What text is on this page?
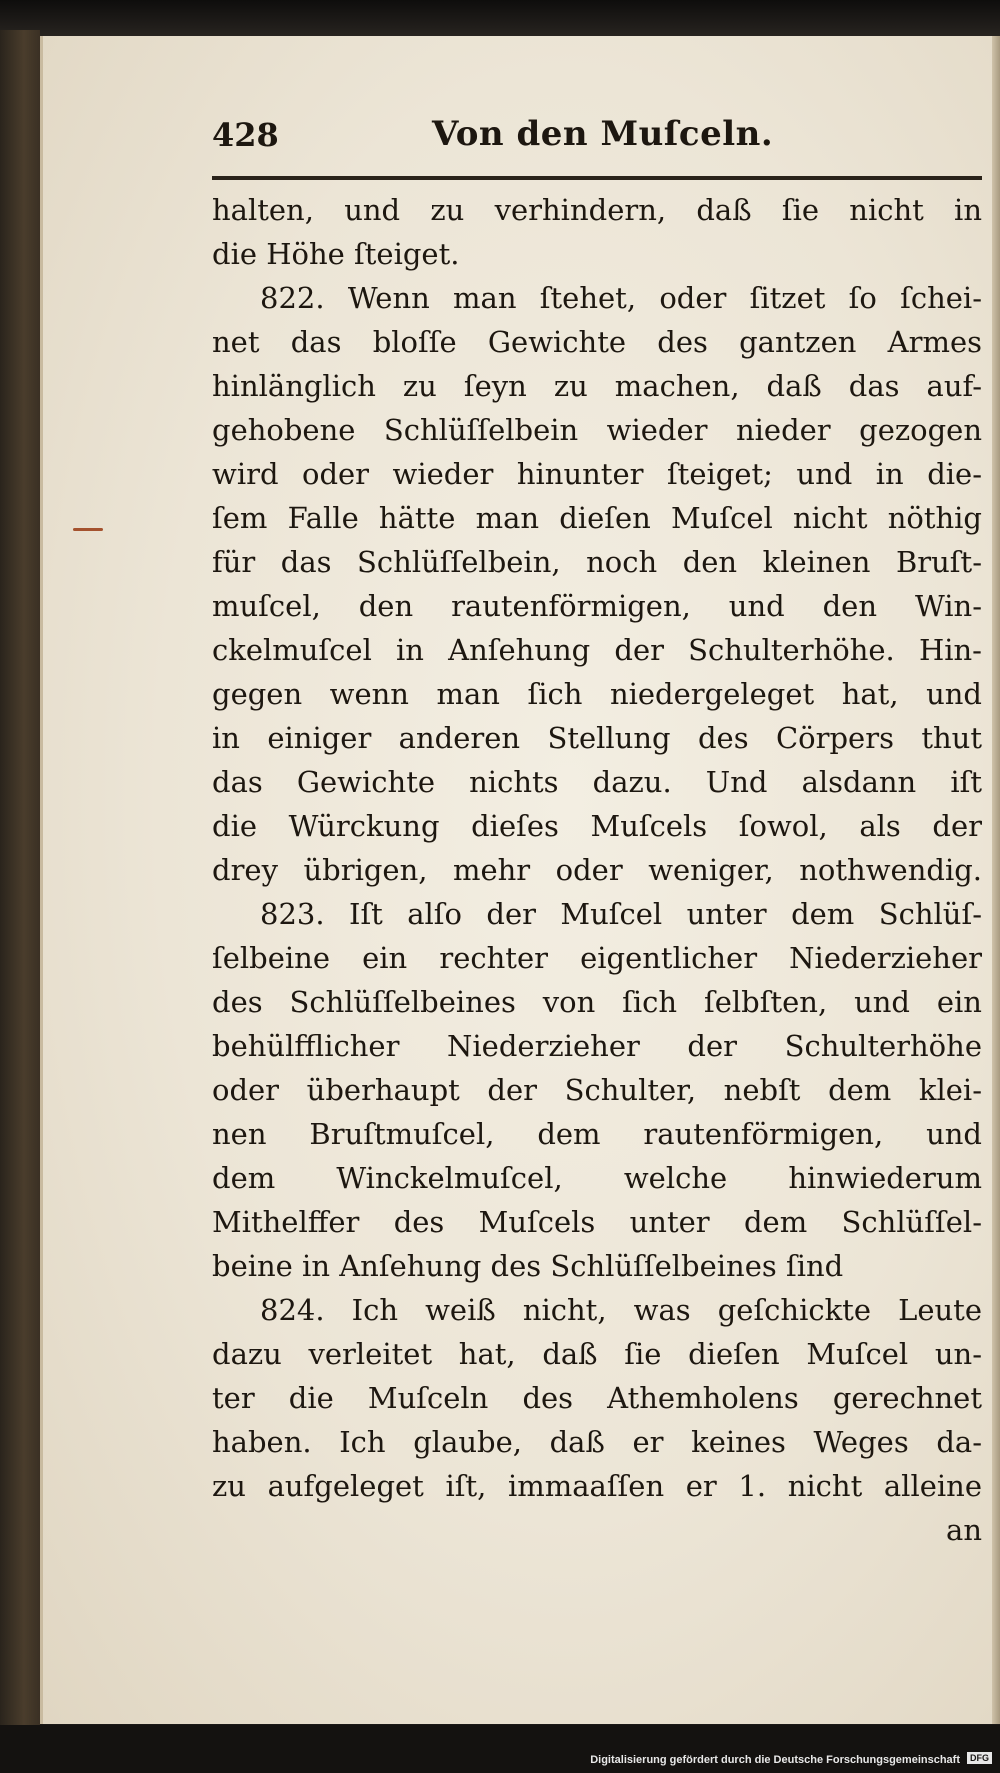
428	Von den Muſceln.
halten, und zu verhindern, daß ſie nicht in
die Höhe ſteiget.
822. Wenn man ſtehet, oder ſitzet ſo ſchei-
net das bloſſe Gewichte des gantzen Armes
hinlänglich zu ſeyn zu machen, daß das auf-
gehobene Schlüſſelbein wieder nieder gezogen
wird oder wieder hinunter ſteiget; und in die-
ſem Falle hätte man dieſen Muſcel nicht nöthig
für das Schlüſſelbein, noch den kleinen Bruſt-
muſcel, den rautenförmigen, und den Win-
ckelmuſcel in Anſehung der Schulterhöhe. Hin-
gegen wenn man ſich niedergeleget hat, und
in einiger anderen Stellung des Cörpers thut
das Gewichte nichts dazu. Und alsdann iſt
die Würckung dieſes Muſcels ſowol, als der
drey übrigen, mehr oder weniger, nothwendig.
823. Iſt alſo der Muſcel unter dem Schlüſ-
ſelbeine ein rechter eigentlicher Niederzieher
des Schlüſſelbeines von ſich ſelbſten, und ein
behülfflicher Niederzieher der Schulterhöhe
oder überhaupt der Schulter, nebſt dem klei-
nen Bruſtmuſcel, dem rautenförmigen, und
dem Winckelmuſcel, welche hinwiederum
Mithelffer des Muſcels unter dem Schlüſſel-
beine in Anſehung des Schlüſſelbeines ſind
824. Ich weiß nicht, was geſchickte Leute
dazu verleitet hat, daß ſie dieſen Muſcel un-
ter die Muſceln des Athemholens gerechnet
haben. Ich glaube, daß er keines Weges da-
zu aufgeleget iſt, immaaſſen er 1. nicht alleine
an
Digitalisierung gefördert durch die Deutsche Forschungsgemeinschaft	DFG
